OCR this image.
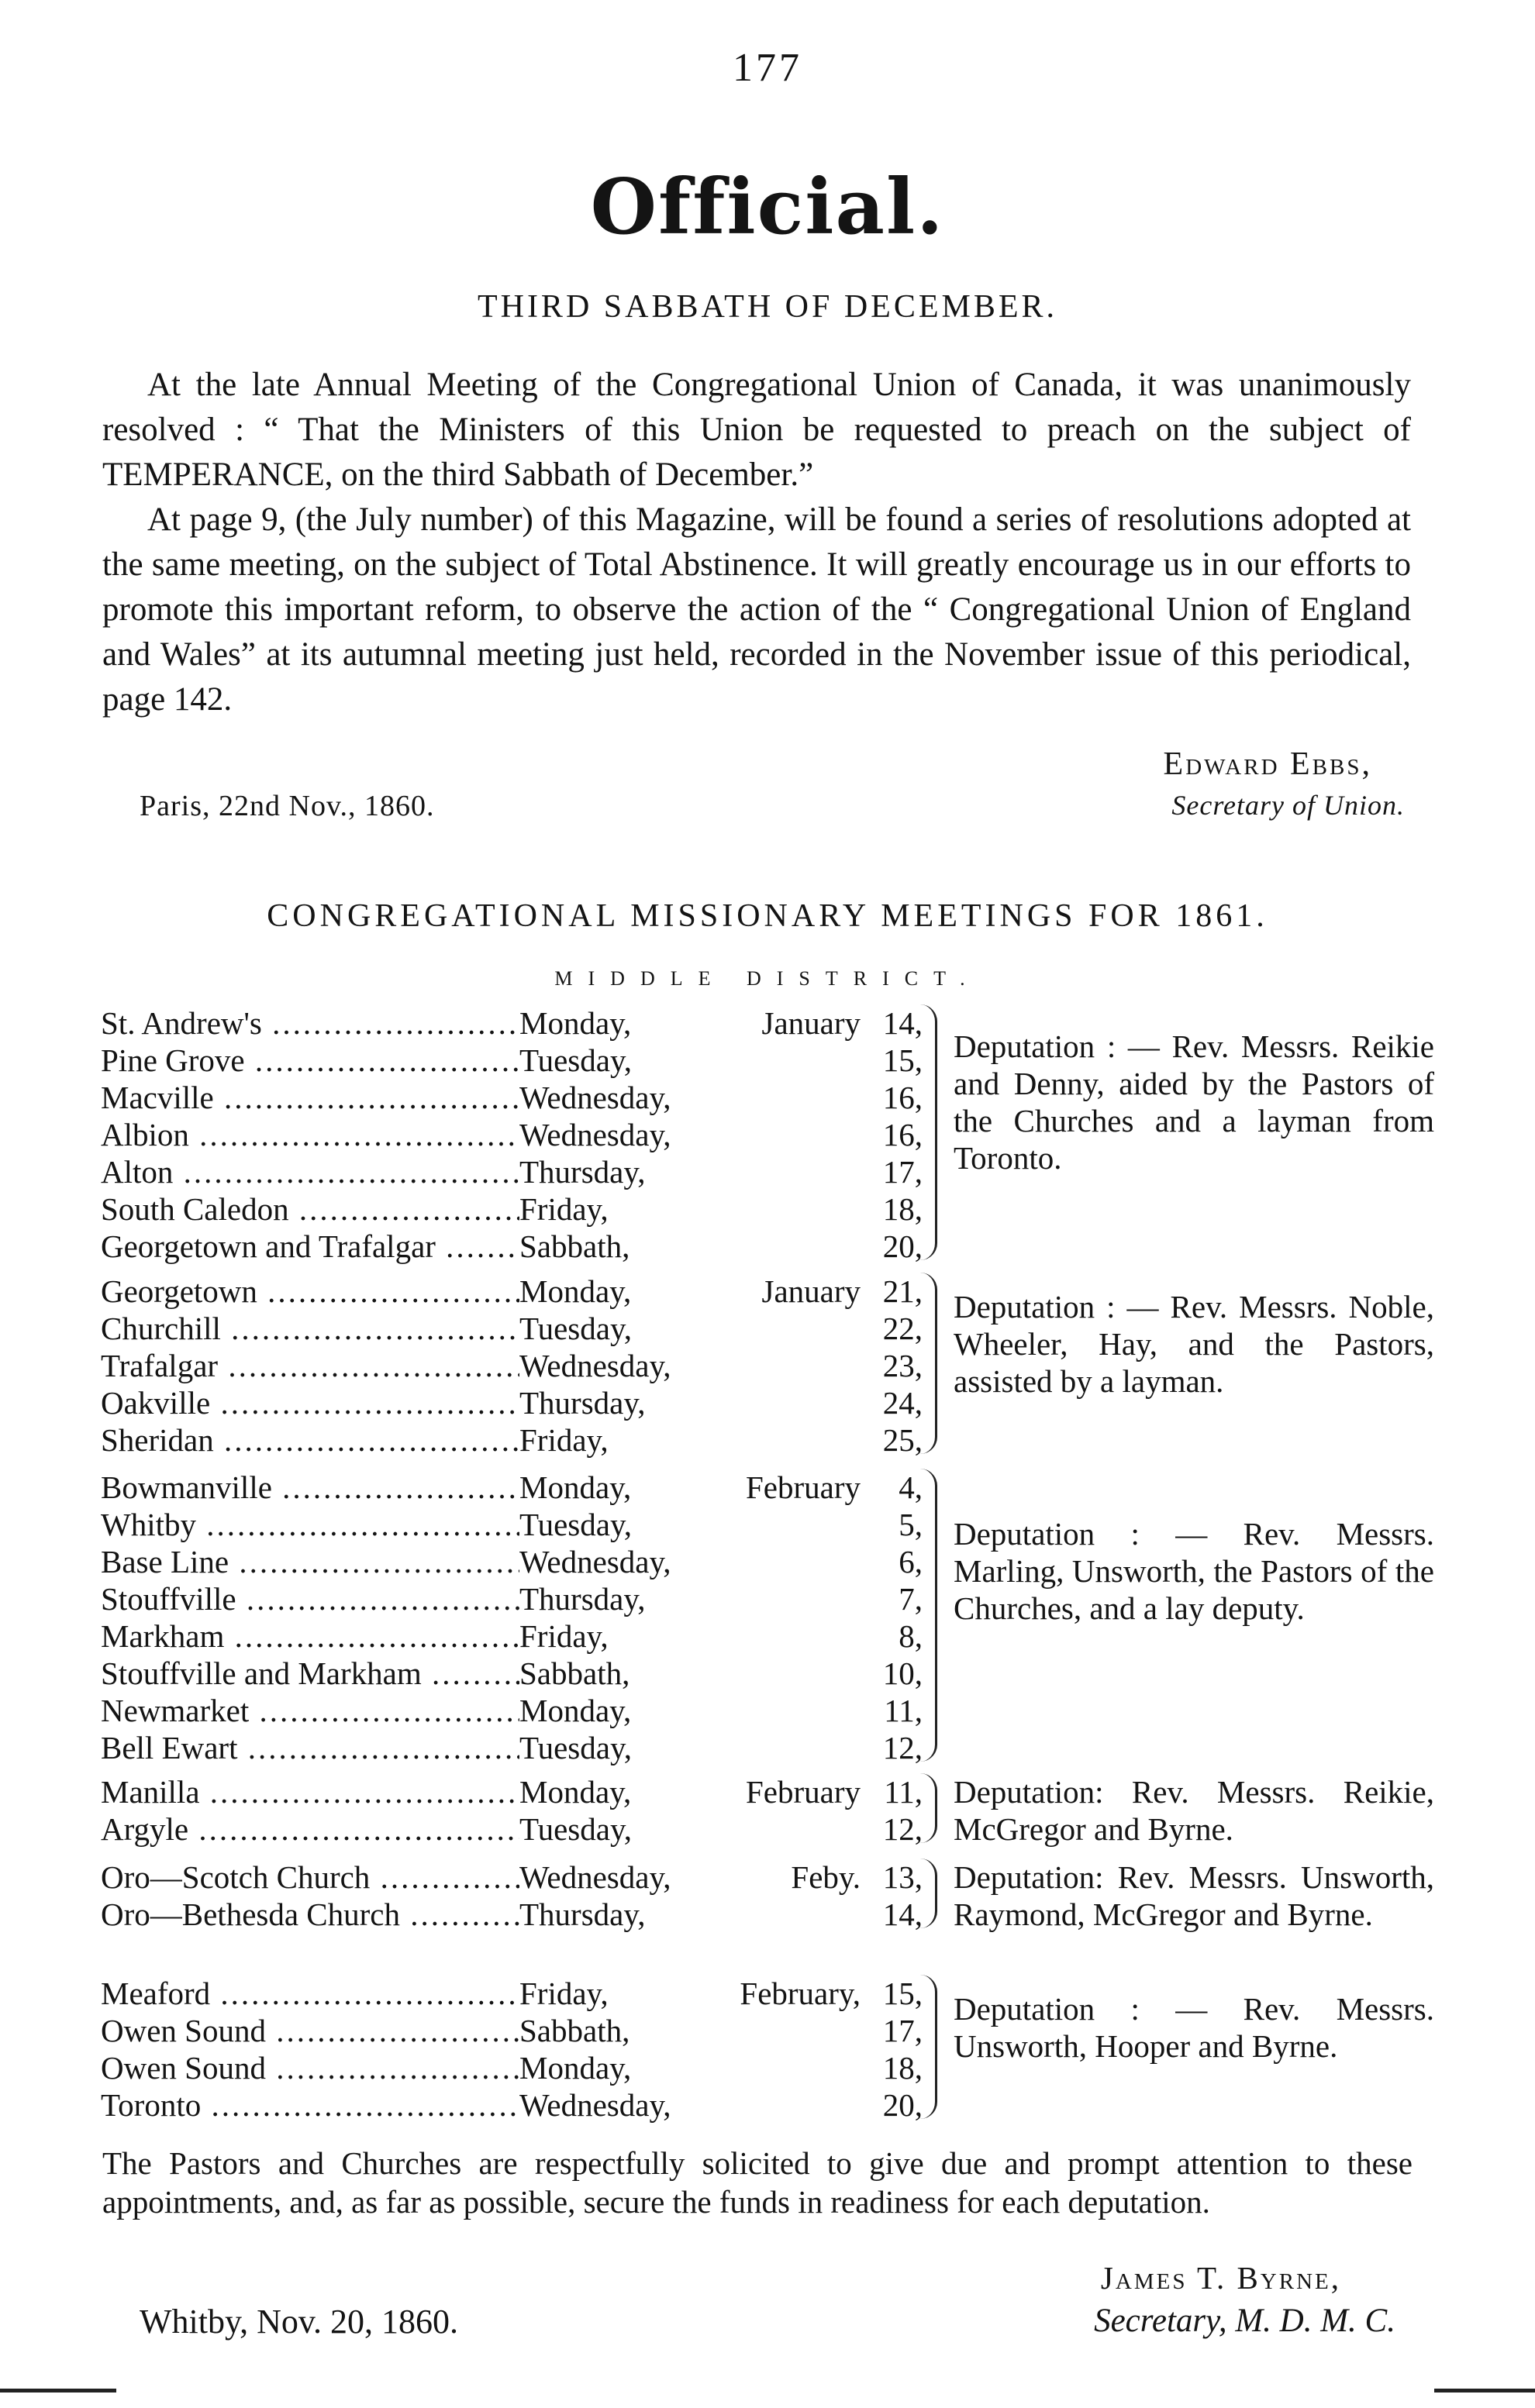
177
Official.
THIRD SABBATH OF DECEMBER.
At the late Annual Meeting of the Congregational Union of Canada, it was unanimously resolved : “ That the Ministers of this Union be requested to preach on the subject of TEMPERANCE, on the third Sabbath of December.”
At page 9, (the July number) of this Magazine, will be found a series of resolutions adopted at the same meeting, on the subject of Total Abstinence. It will greatly encourage us in our efforts to promote this important reform, to observe the action of the “ Congregational Union of England and Wales” at its autumnal meeting just held, recorded in the November issue of this periodical, page 142.
Edward Ebbs,
Paris, 22nd Nov., 1860.	Secretary of Union.
CONGREGATIONAL MISSIONARY MEETINGS FOR 1861.
MIDDLE DISTRICT.
St. Andrew's .....	Monday,	January 14,
Pine Grove .....	Tuesday,	15,
Macville .....	Wednesday,	16,
Albion .....	Wednesday,	16,
Alton .....	Thursday,	17,
South Caledon .....	Friday,	18,
Georgetown and Trafalgar .....	Sabbath,	20,
Deputation : — Rev. Messrs. Reikie and Denny, aided by the Pastors of the Churches and a layman from Toronto.
Georgetown .....	Monday,	January 21,
Churchill .....	Tuesday,	22,
Trafalgar .....	Wednesday,	23,
Oakville .....	Thursday,	24,
Sheridan .....	Friday,	25,
Deputation : — Rev. Messrs. Noble, Wheeler, Hay, and the Pastors, assisted by a layman.
Bowmanville .....	Monday,	February	4,
Whitby .....	Tuesday,	5,
Base Line .....	Wednesday,	6,
Stouffville .....	Thursday,	7,
Markham .....	Friday,	8,
Stouffville and Markham .....	Sabbath,	10,
Newmarket .....	Monday,	11,
Bell Ewart .....	Tuesday,	12,
Deputation : — Rev. Messrs. Marling, Unsworth, the Pastors of the Churches, and a lay deputy.
Manilla .....	Monday,	February 11,
Argyle .....	Tuesday,	12,
Deputation: Rev. Messrs. Reikie, McGregor and Byrne.
Oro—Scotch Church .....	Wednesday,	Feby. 13,
Oro—Bethesda Church .....	Thursday,	14,
Deputation: Rev. Messrs. Unsworth, Raymond, McGregor and Byrne.
Meaford .....	Friday,	February, 15,
Owen Sound .....	Sabbath,	17,
Owen Sound .....	Monday,	18,
Toronto .....	Wednesday,	20,
Deputation : — Rev. Messrs. Unsworth, Hooper and Byrne.
The Pastors and Churches are respectfully solicited to give due and prompt attention to these appointments, and, as far as possible, secure the funds in readiness for each deputation.
James T. Byrne,
Whitby, Nov. 20, 1860.	Secretary, M. D. M. C.
